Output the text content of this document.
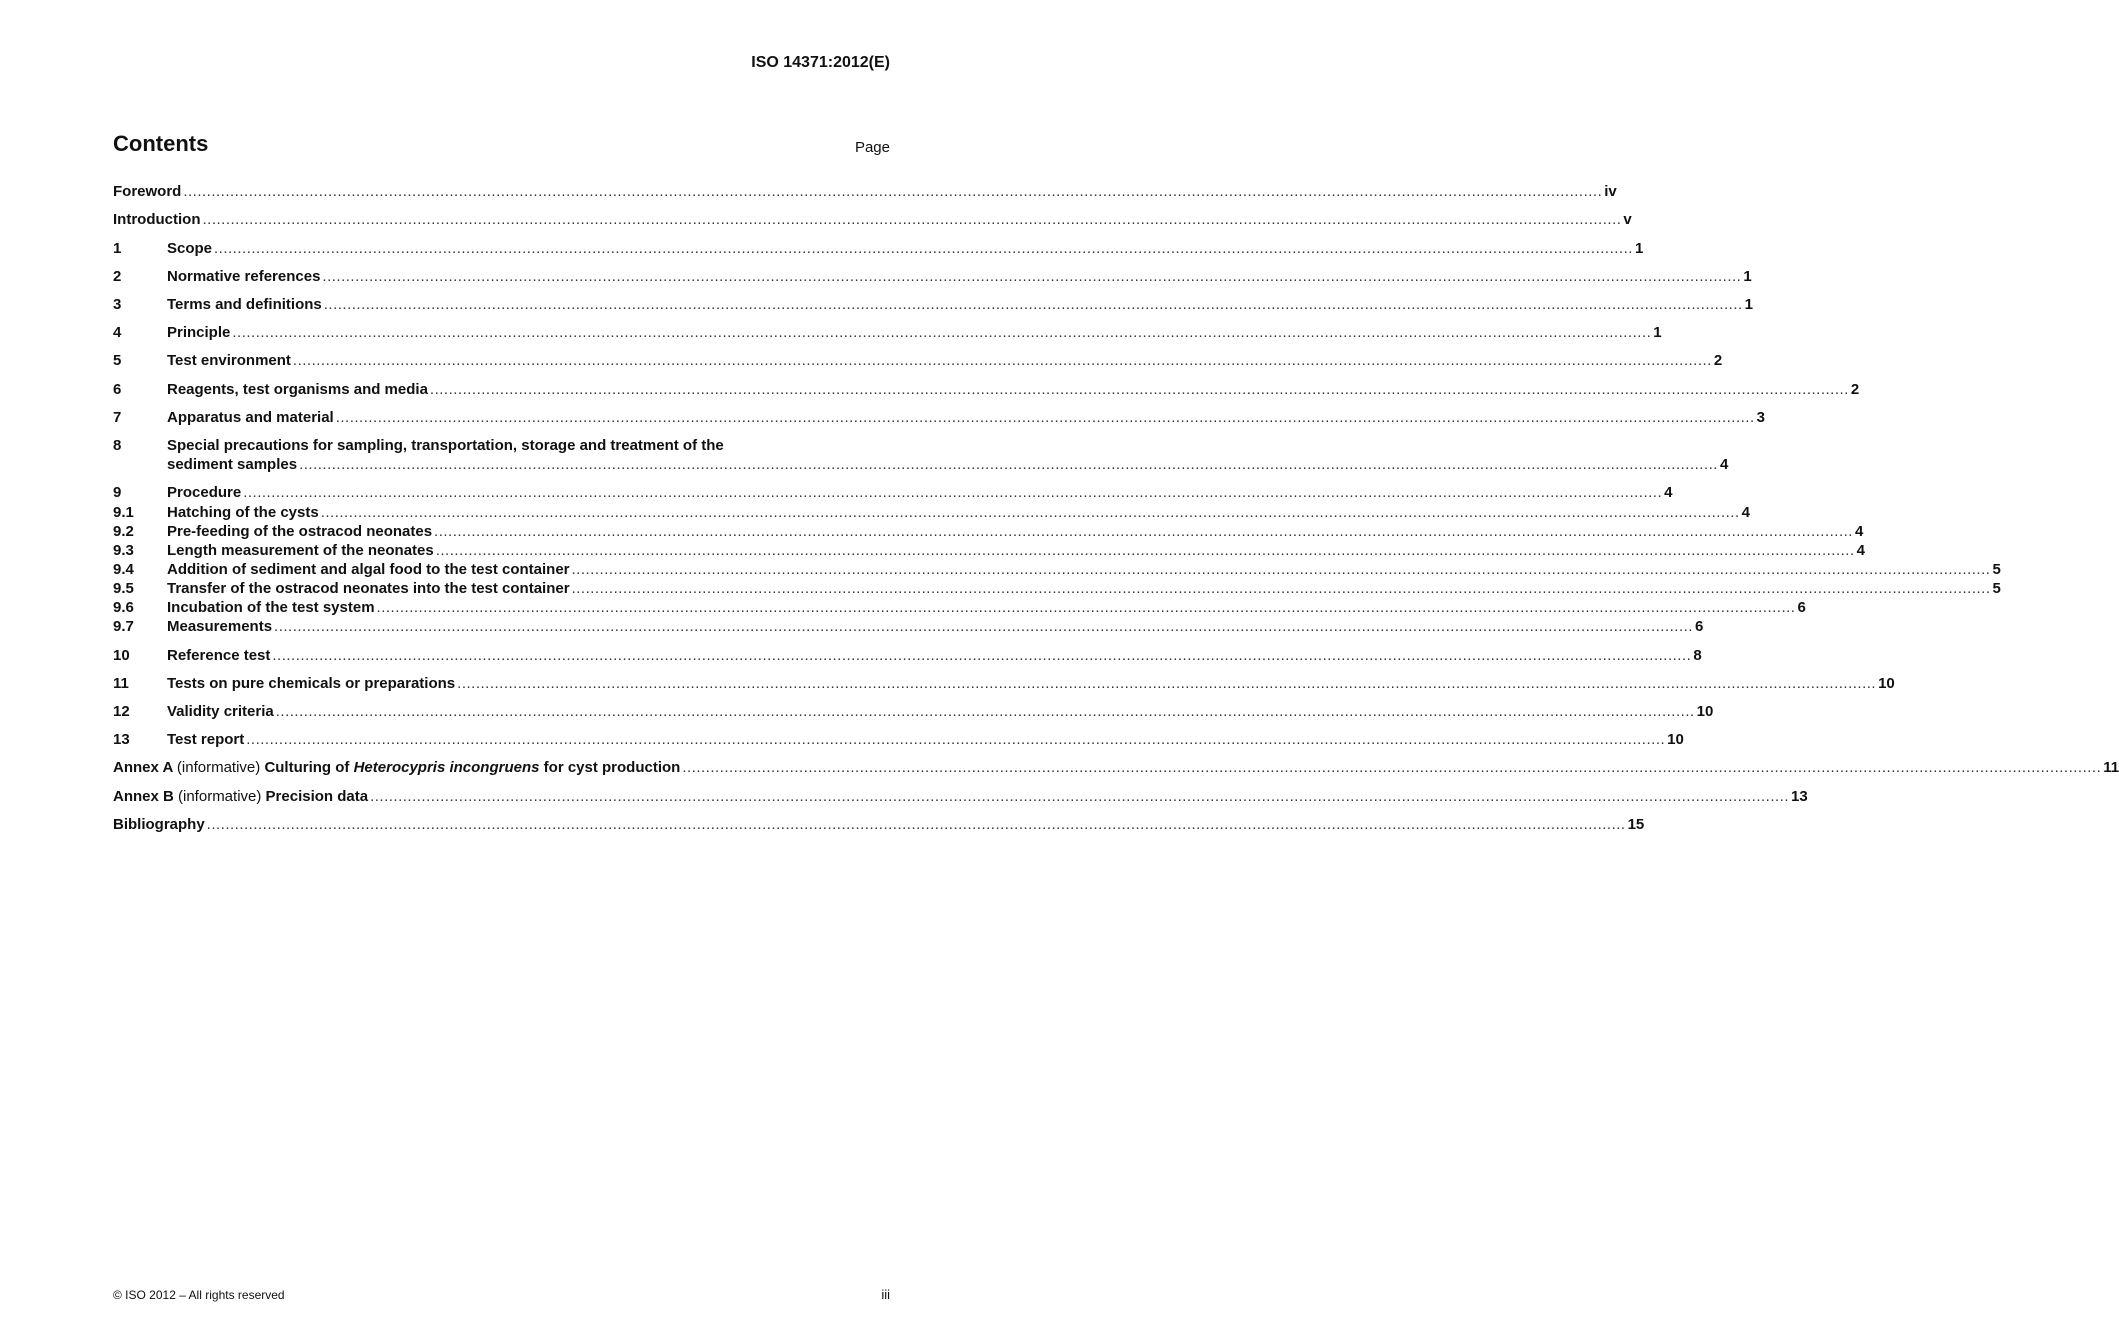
ISO 14371:2012(E)
Contents	Page
Foreword .....	iv
Introduction .....	v
1	Scope .....	1
2	Normative references .....	1
3	Terms and definitions .....	1
4	Principle .....	1
5	Test environment .....	2
6	Reagents, test organisms and media .....	2
7	Apparatus and material .....	3
8	Special precautions for sampling, transportation, storage and treatment of the
sediment samples .....	4
9	Procedure .....	4
9.1	Hatching of the cysts .....	4
9.2	Pre-feeding of the ostracod neonates .....	4
9.3	Length measurement of the neonates .....	4
9.4	Addition of sediment and algal food to the test container .....	5
9.5	Transfer of the ostracod neonates into the test container .....	5
9.6	Incubation of the test system .....	6
9.7	Measurements .....	6
10	Reference test .....	8
11	Tests on pure chemicals or preparations .....	10
12	Validity criteria .....	10
13	Test report .....	10
Annex A (informative) Culturing of Heterocypris incongruens for cyst production .....	11
Annex B (informative) Precision data .....	13
Bibliography .....	15
© ISO 2012 – All rights reserved	iii
